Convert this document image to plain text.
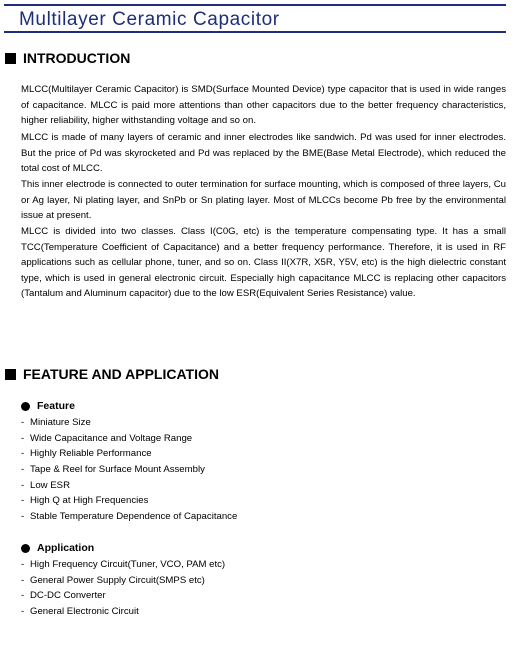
Multilayer Ceramic Capacitor
INTRODUCTION

MLCC(Multilayer Ceramic Capacitor) is SMD(Surface Mounted Device) type capacitor that is used in wide ranges of capacitance. MLCC is paid more attentions than other capacitors due to the better frequency characteristics, higher reliability, higher withstanding voltage and so on.

MLCC is made of many layers of ceramic and inner electrodes like sandwich. Pd was used for inner electrodes. But the price of Pd was skyrocketed and Pd was replaced by the BME(Base Metal Electrode), which reduced the total cost of MLCC.

This inner electrode is connected to outer termination for surface mounting, which is composed of three layers, Cu or Ag layer, Ni plating layer, and SnPb or Sn plating layer. Most of MLCCs become Pb free by the environmental issue at present.

MLCC is divided into two classes. Class I(C0G, etc) is the temperature compensating type. It has a small TCC(Temperature Coefficient of Capacitance) and a better frequency performance. Therefore, it is used in RF applications such as cellular phone, tuner, and so on. Class II(X7R, X5R, Y5V, etc) is the high dielectric constant type, which is used in general electronic circuit. Especially high capacitance MLCC is replacing other capacitors (Tantalum and Aluminum capacitor) due to the low ESR(Equivalent Series Resistance) value.

FEATURE AND APPLICATION
Feature
- Miniature Size
- Wide Capacitance and Voltage Range
- Highly Reliable Performance
- Tape & Reel for Surface Mount Assembly
- Low ESR
- High Q at High Frequencies
- Stable Temperature Dependence of Capacitance
Application
- High Frequency Circuit(Tuner, VCO, PAM etc)
- General Power Supply Circuit(SMPS etc)
- DC-DC Converter
- General Electronic Circuit
